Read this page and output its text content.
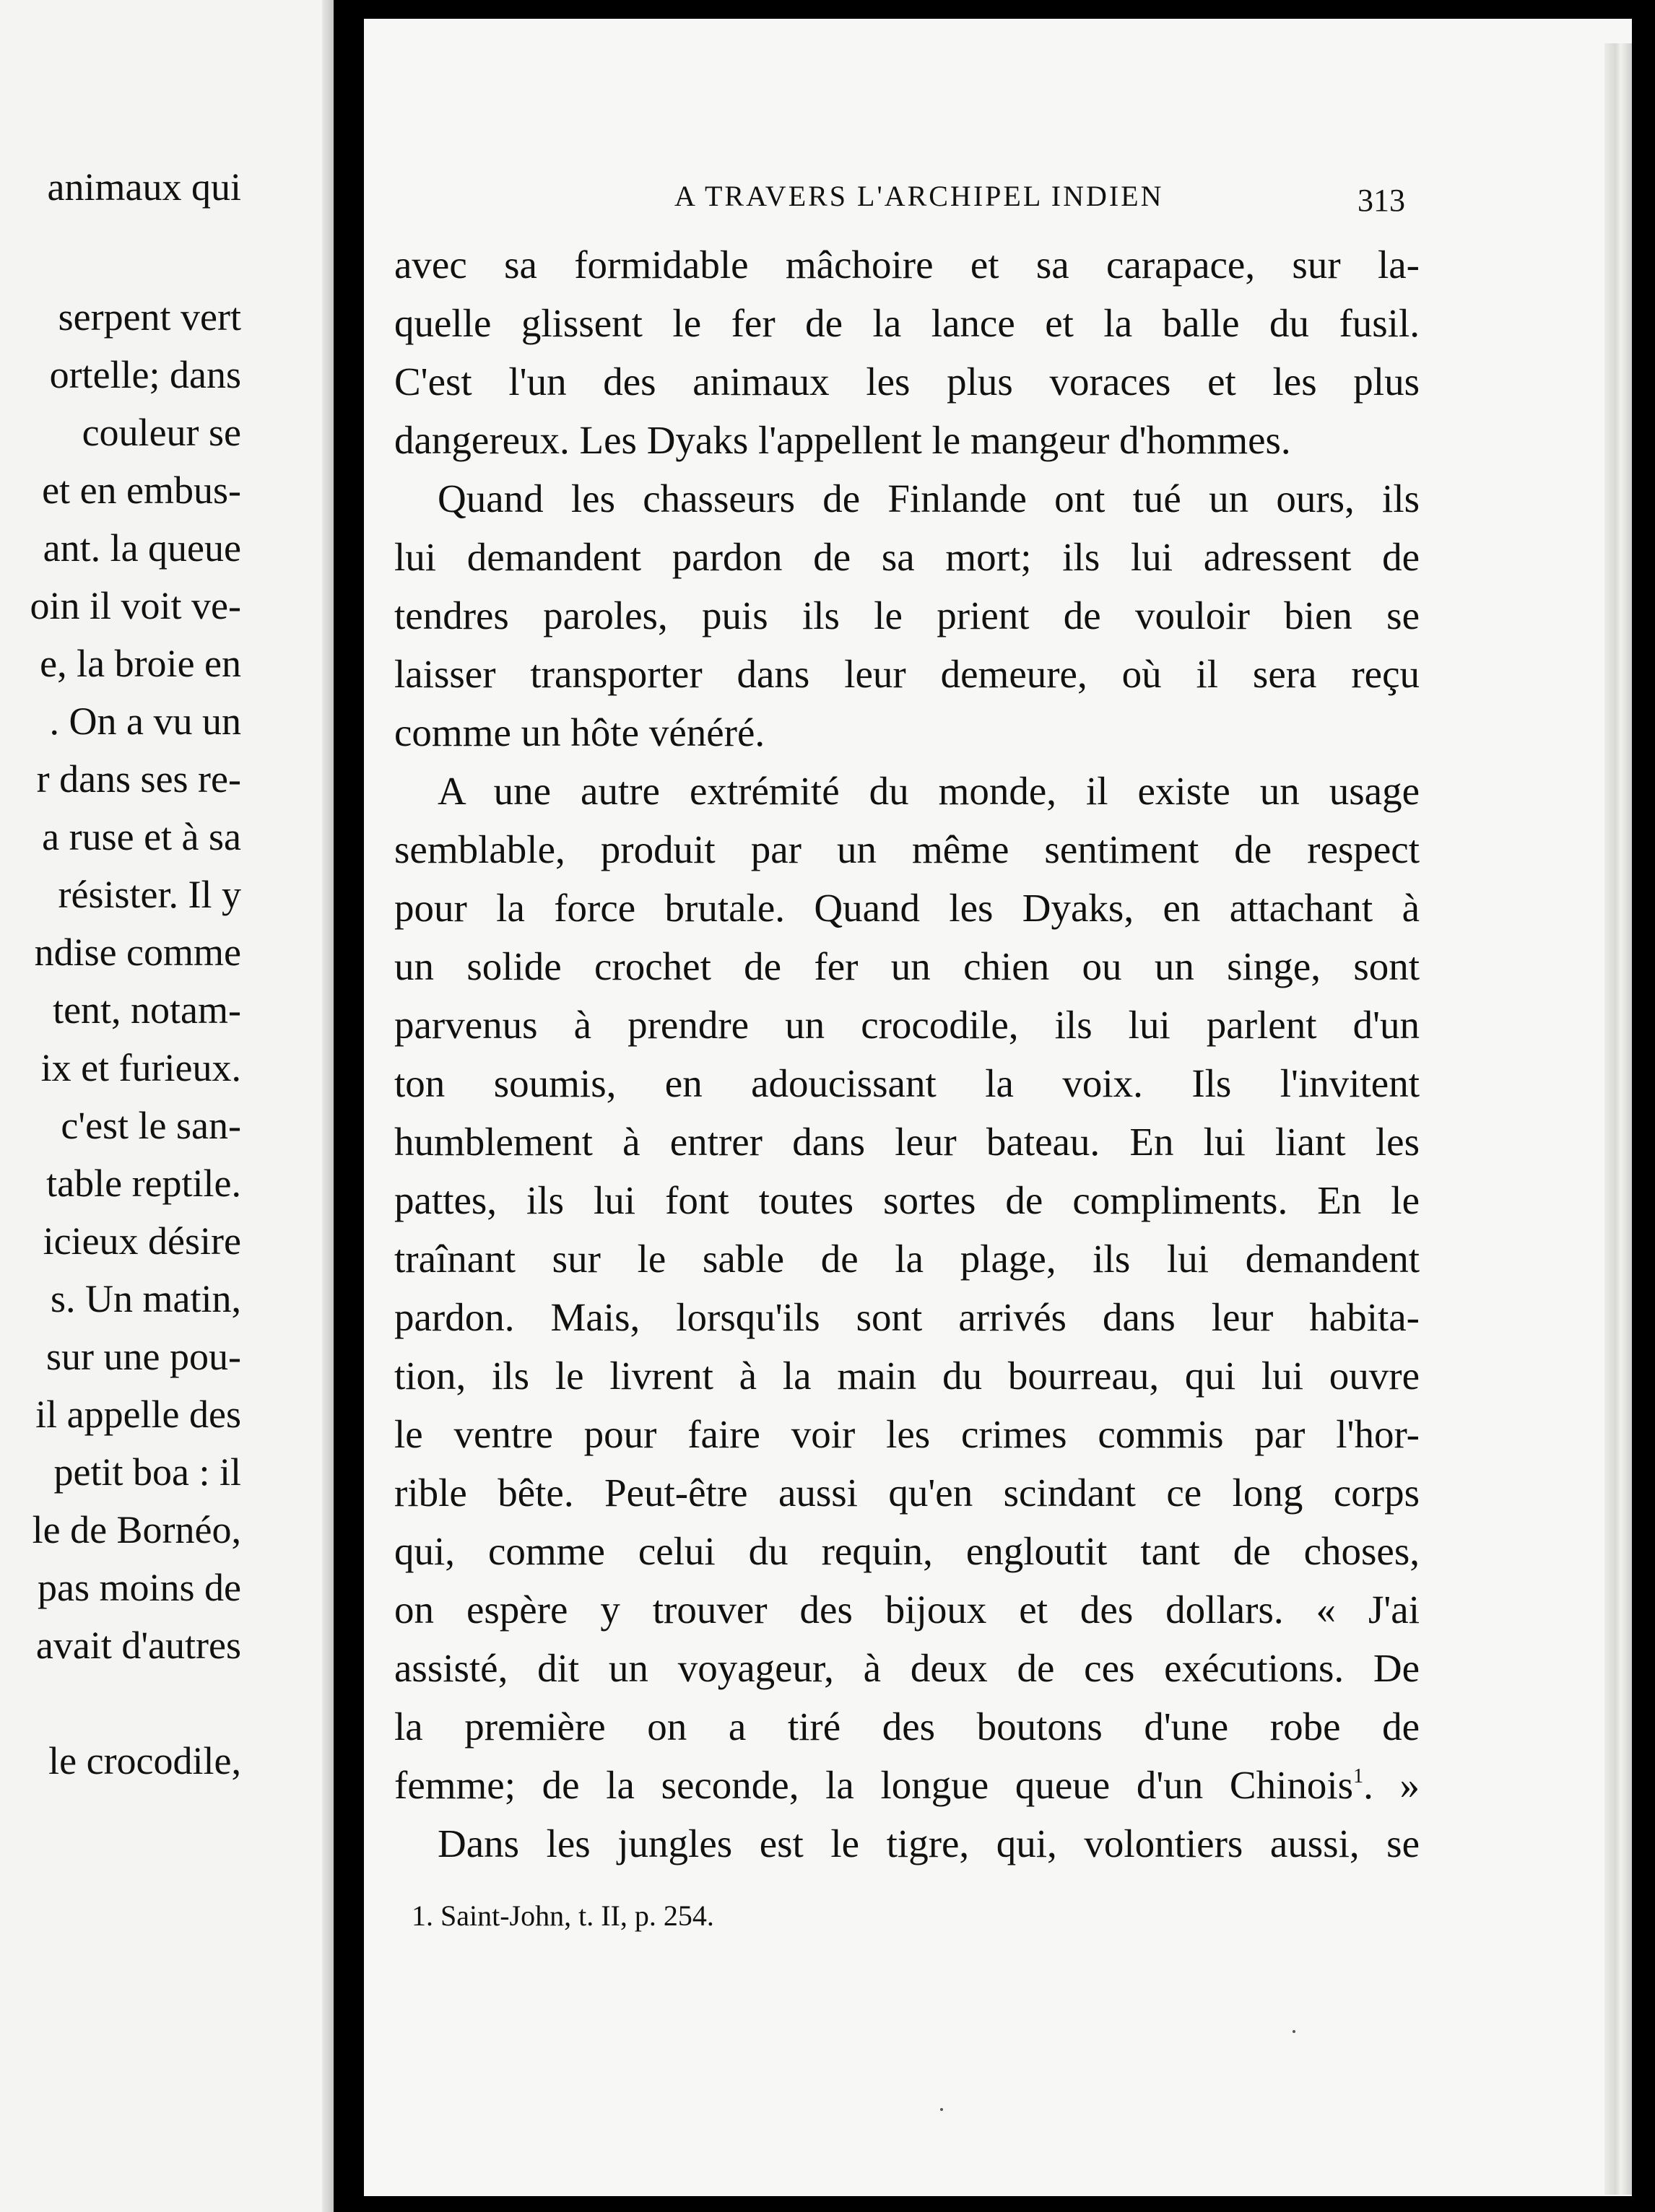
animaux qui
serpent vert
ortelle; dans
couleur se
et en embus-
ant. la queue
oin il voit ve-
e, la broie en
. On a vu un
r dans ses re-
a ruse et à sa
résister. Il y
ndise comme
tent, notam-
ix et furieux.
c'est le san-
table reptile.
icieux désire
s. Un matin,
sur une pou-
il appelle des
petit boa : il
le de Bornéo,
pas moins de
avait d'autres
le crocodile,
A TRAVERS L'ARCHIPEL INDIEN	313
avec sa formidable mâchoire et sa carapace, sur la-
quelle glissent le fer de la lance et la balle du fusil.
C'est l'un des animaux les plus voraces et les plus
dangereux. Les Dyaks l'appellent le mangeur d'hommes.
Quand les chasseurs de Finlande ont tué un ours, ils
lui demandent pardon de sa mort; ils lui adressent de
tendres paroles, puis ils le prient de vouloir bien se
laisser transporter dans leur demeure, où il sera reçu
comme un hôte vénéré.
A une autre extrémité du monde, il existe un usage
semblable, produit par un même sentiment de respect
pour la force brutale. Quand les Dyaks, en attachant à
un solide crochet de fer un chien ou un singe, sont
parvenus à prendre un crocodile, ils lui parlent d'un
ton soumis, en adoucissant la voix. Ils l'invitent
humblement à entrer dans leur bateau. En lui liant les
pattes, ils lui font toutes sortes de compliments. En le
traînant sur le sable de la plage, ils lui demandent
pardon. Mais, lorsqu'ils sont arrivés dans leur habita-
tion, ils le livrent à la main du bourreau, qui lui ouvre
le ventre pour faire voir les crimes commis par l'hor-
rible bête. Peut-être aussi qu'en scindant ce long corps
qui, comme celui du requin, engloutit tant de choses,
on espère y trouver des bijoux et des dollars. « J'ai
assisté, dit un voyageur, à deux de ces exécutions. De
la première on a tiré des boutons d'une robe de
femme; de la seconde, la longue queue d'un Chinois$^1$. »
Dans les jungles est le tigre, qui, volontiers aussi, se
1. Saint-John, t. II, p. 254.
